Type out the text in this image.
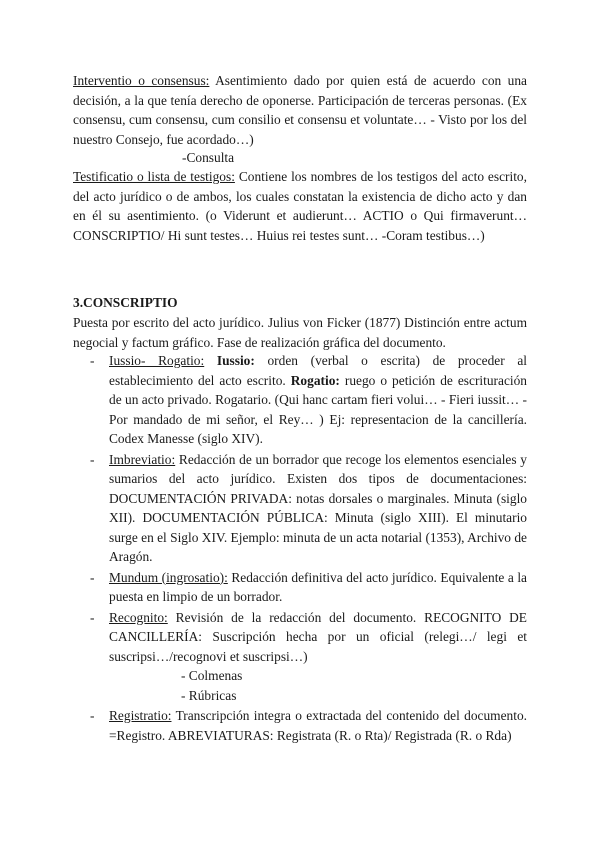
Interventio o consensus: Asentimiento dado por quien está de acuerdo con una decisión, a la que tenía derecho de oponerse. Participación de terceras personas. (Ex consensu, cum consensu, cum consilio et consensu et voluntate… - Visto por los del nuestro Consejo, fue acordado…)
-Consulta
Testificatio o lista de testigos: Contiene los nombres de los testigos del acto escrito, del acto jurídico o de ambos, los cuales constatan la existencia de dicho acto y dan en él su asentimiento. (o Viderunt et audierunt… ACTIO o Qui firmaverunt… CONSCRIPTIO/ Hi sunt testes… Huius rei testes sunt… -Coram testibus…)
3.CONSCRIPTIO
Puesta por escrito del acto jurídico. Julius von Ficker (1877) Distinción entre actum negocial y factum gráfico. Fase de realización gráfica del documento.
- Iussio- Rogatio: Iussio: orden (verbal o escrita) de proceder al establecimiento del acto escrito. Rogatio: ruego o petición de escrituración de un acto privado. Rogatario. (Qui hanc cartam fieri volui… - Fieri iussit… - Por mandado de mi señor, el Rey… ) Ej: representacion de la cancillería. Codex Manesse (siglo XIV).
- Imbreviatio: Redacción de un borrador que recoge los elementos esenciales y sumarios del acto jurídico. Existen dos tipos de documentaciones: DOCUMENTACIÓN PRIVADA: notas dorsales o marginales. Minuta (siglo XII). DOCUMENTACIÓN PÚBLICA: Minuta (siglo XIII). El minutario surge en el Siglo XIV. Ejemplo: minuta de un acta notarial (1353), Archivo de Aragón.
- Mundum (ingrosatio): Redacción definitiva del acto jurídico. Equivalente a la puesta en limpio de un borrador.
- Recognito: Revisión de la redacción del documento. RECOGNITO DE CANCILLERÍA: Suscripción hecha por un oficial (relegi…/ legi et suscripsi…/recognovi et suscripsi…)
- Colmenas
- Rúbricas
- Registratio: Transcripción integra o extractada del contenido del documento. =Registro. ABREVIATURAS: Registrata (R. o Rta)/ Registrada (R. o Rda)
